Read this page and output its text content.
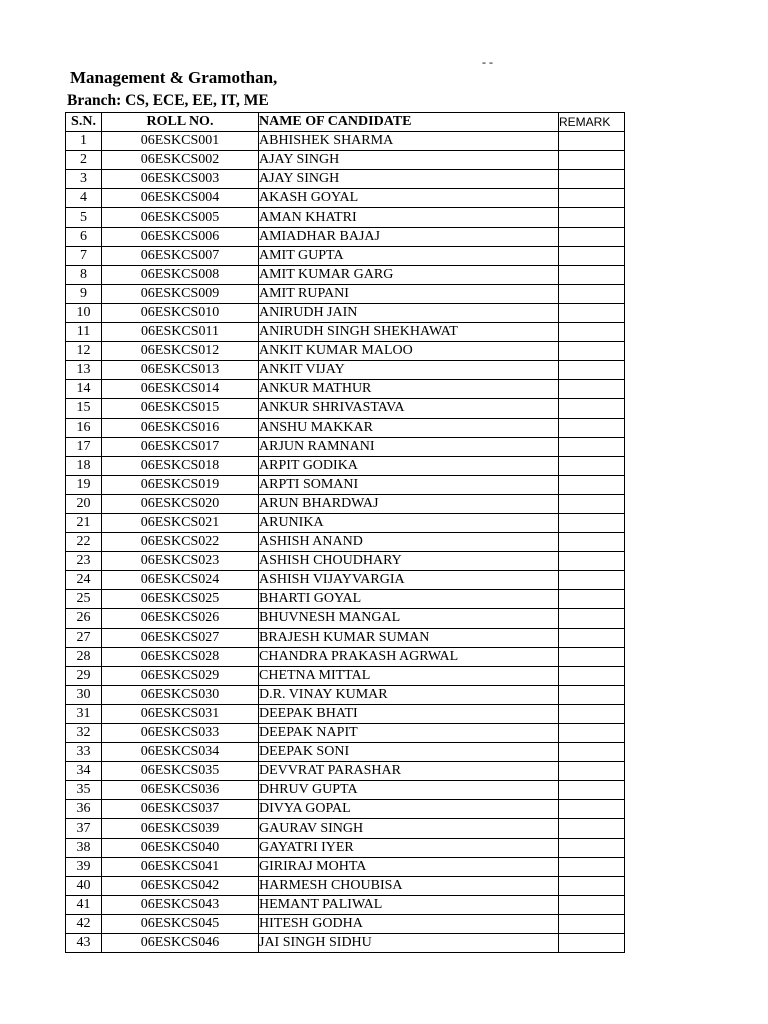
- -
Management & Gramothan,
Branch: CS, ECE, EE, IT, ME
S.N.	ROLL NO.	NAME OF CANDIDATE	REMARK
1	06ESKCS001	ABHISHEK SHARMA	
2	06ESKCS002	AJAY SINGH	
3	06ESKCS003	AJAY SINGH	
4	06ESKCS004	AKASH GOYAL	
5	06ESKCS005	AMAN KHATRI	
6	06ESKCS006	AMIADHAR BAJAJ	
7	06ESKCS007	AMIT GUPTA	
8	06ESKCS008	AMIT KUMAR GARG	
9	06ESKCS009	AMIT RUPANI	
10	06ESKCS010	ANIRUDH JAIN	
11	06ESKCS011	ANIRUDH SINGH SHEKHAWAT	
12	06ESKCS012	ANKIT KUMAR MALOO	
13	06ESKCS013	ANKIT VIJAY	
14	06ESKCS014	ANKUR MATHUR	
15	06ESKCS015	ANKUR SHRIVASTAVA	
16	06ESKCS016	ANSHU MAKKAR	
17	06ESKCS017	ARJUN RAMNANI	
18	06ESKCS018	ARPIT GODIKA	
19	06ESKCS019	ARPTI SOMANI	
20	06ESKCS020	ARUN BHARDWAJ	
21	06ESKCS021	ARUNIKA	
22	06ESKCS022	ASHISH ANAND	
23	06ESKCS023	ASHISH CHOUDHARY	
24	06ESKCS024	ASHISH VIJAYVARGIA	
25	06ESKCS025	BHARTI GOYAL	
26	06ESKCS026	BHUVNESH MANGAL	
27	06ESKCS027	BRAJESH KUMAR SUMAN	
28	06ESKCS028	CHANDRA PRAKASH AGRWAL	
29	06ESKCS029	CHETNA MITTAL	
30	06ESKCS030	D.R. VINAY KUMAR	
31	06ESKCS031	DEEPAK BHATI	
32	06ESKCS033	DEEPAK NAPIT	
33	06ESKCS034	DEEPAK SONI	
34	06ESKCS035	DEVVRAT PARASHAR	
35	06ESKCS036	DHRUV GUPTA	
36	06ESKCS037	DIVYA GOPAL	
37	06ESKCS039	GAURAV SINGH	
38	06ESKCS040	GAYATRI IYER	
39	06ESKCS041	GIRIRAJ MOHTA	
40	06ESKCS042	HARMESH CHOUBISA	
41	06ESKCS043	HEMANT PALIWAL	
42	06ESKCS045	HITESH GODHA	
43	06ESKCS046	JAI SINGH SIDHU	
